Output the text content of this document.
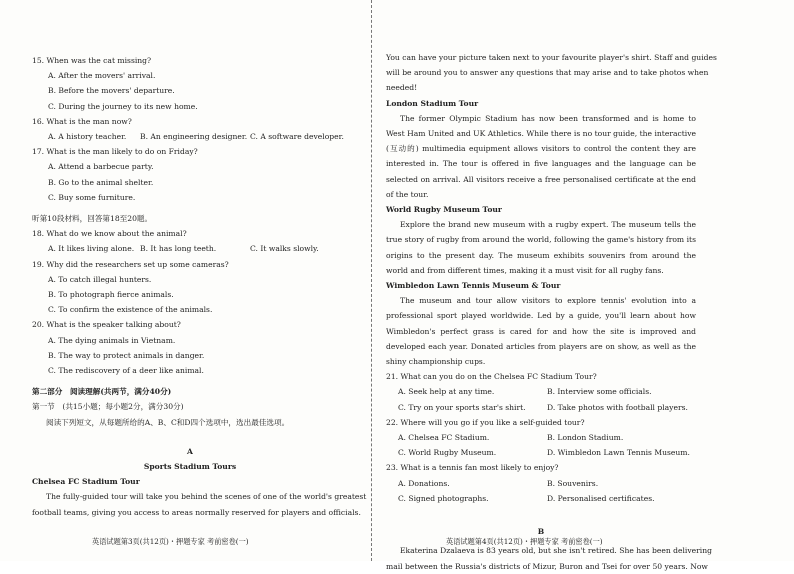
15. When was the cat missing?
A. After the movers' arrival.
B. Before the movers' departure.
C. During the journey to its new home.
16. What is the man now?
A. A history teacher.	B. An engineering designer. C. A software developer.
17. What is the man likely to do on Friday?
A. Attend a barbecue party.
B. Go to the animal shelter.
C. Buy some furniture.
听第10段材料，回答第18至20题。
18. What do we know about the animal?
A. It likes living alone. B. It has long teeth.	C. It walks slowly.
19. Why did the researchers set up some cameras?
A. To catch illegal hunters.
B. To photograph fierce animals.
C. To confirm the existence of the animals.
20. What is the speaker talking about?
A. The dying animals in Vietnam.
B. The way to protect animals in danger.
C. The rediscovery of a deer like animal.
第二部分　阅读理解(共两节，满分40分)
第一节　(共15小题；每小题2分，满分30分)
阅读下列短文，从每题所给的A、B、C和D四个选项中，选出最佳选项。
A
Sports Stadium Tours
Chelsea FC Stadium Tour
The fully-guided tour will take you behind the scenes of one of the world's greatest
football teams, giving you access to areas normally reserved for players and officials.
You can have your picture taken next to your favourite player's shirt. Staff and guides
will be around you to answer any questions that may arise and to take photos when
needed!
London Stadium Tour
The former Olympic Stadium has now been transformed and is home to West Ham United and UK Athletics. While there is no tour guide, the interactive (互动的) multimedia equipment allows visitors to control the content they are interested in. The tour is offered in five languages and the language can be selected on arrival. All visitors receive a free personalised certificate at the end of the tour.
World Rugby Museum Tour
Explore the brand new museum with a rugby expert. The museum tells the true story of rugby from around the world, following the game's history from its origins to the present day. The museum exhibits souvenirs from around the world and from different times, making it a must visit for all rugby fans.
Wimbledon Lawn Tennis Museum & Tour
The museum and tour allow visitors to explore tennis' evolution into a professional sport played worldwide. Led by a guide, you'll learn about how Wimbledon's perfect grass is cared for and how the site is improved and developed each year. Donated articles from players are on show, as well as the shiny championship cups.
21. What can you do on the Chelsea FC Stadium Tour?
A. Seek help at any time.	B. Interview some officials.
C. Try on your sports star's shirt.	D. Take photos with football players.
22. Where will you go if you like a self-guided tour?
A. Chelsea FC Stadium.	B. London Stadium.
C. World Rugby Museum.	D. Wimbledon Lawn Tennis Museum.
23. What is a tennis fan most likely to enjoy?
A. Donations.	B. Souvenirs.
C. Signed photographs.	D. Personalised certificates.
B
Ekaterina Dzalaeva is 83 years old, but she isn't retired. She has been delivering
mail between the Russia's districts of Mizur, Buron and Tsei for over 50 years. Now
英语试题第3页(共12页)・押题专家 考前密卷(一)	英语试题第4页(共12页)・押题专家 考前密卷(一)
